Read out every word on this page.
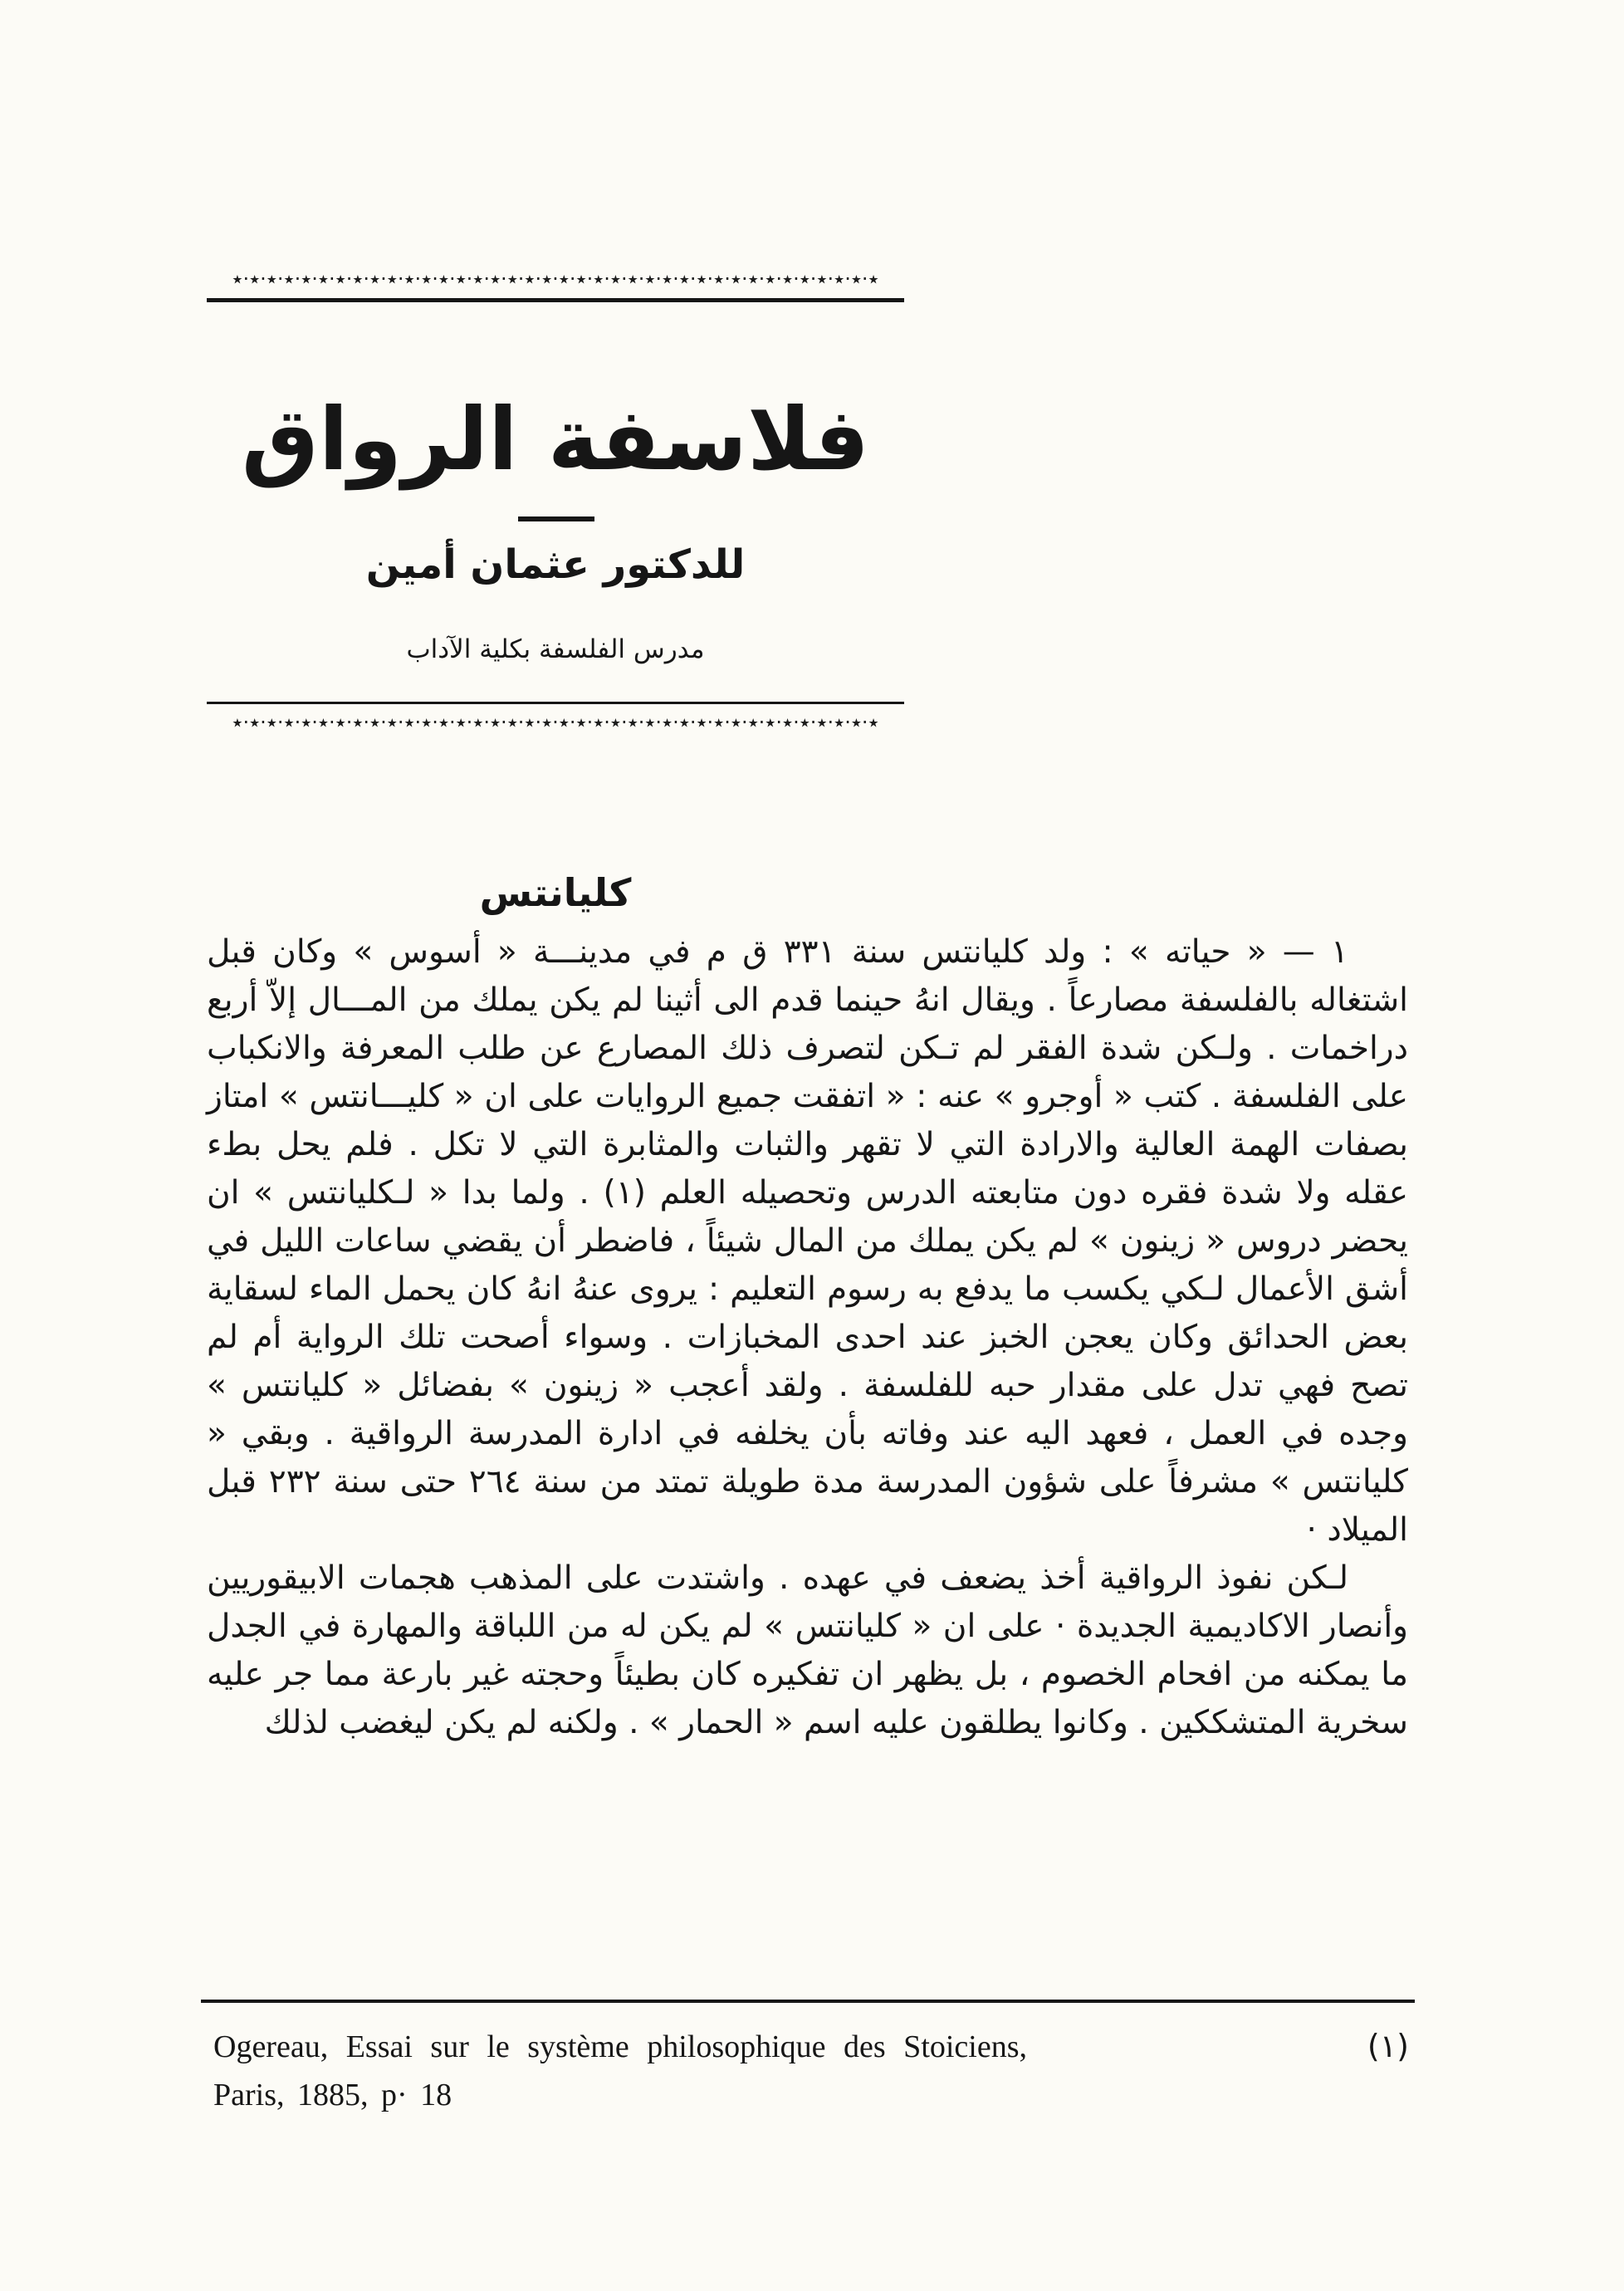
٭·٭·٭·٭·٭·٭·٭·٭·٭·٭·٭·٭·٭·٭·٭·٭·٭·٭·٭·٭·٭·٭·٭·٭·٭·٭·٭·٭·٭·٭·٭·٭·٭·٭·٭·٭·٭·٭
فلاسفة الرواق
للدكتور عثمان أمين
مدرس الفلسفة بكلية الآداب
٭·٭·٭·٭·٭·٭·٭·٭·٭·٭·٭·٭·٭·٭·٭·٭·٭·٭·٭·٭·٭·٭·٭·٭·٭·٭·٭·٭·٭·٭·٭·٭·٭·٭·٭·٭·٭·٭
كليانتس

١ — « حياته » : ولد كليانتس سنة ٣٣١ ق م في مدينـــة « أسوس » وكان قبل اشتغاله بالفلسفة مصارعاً . ويقال انهُ حينما قدم الى أثينا لم يكن يملك من المـــال إلاّ أربع دراخمات . ولـكن شدة الفقر لم تـكن لتصرف ذلك المصارع عن طلب المعرفة والانكباب على الفلسفة . كتب « أوجرو » عنه : « اتفقت جميع الروايات على ان « كليـــانتس » امتاز بصفات الهمة العالية والارادة التي لا تقهر والثبات والمثابرة التي لا تكل . فلم يحل بطء عقله ولا شدة فقره دون متابعته الدرس وتحصيله العلم (١) . ولما بدا « لـكليانتس » ان يحضر دروس « زينون » لم يكن يملك من المال شيئاً ، فاضطر أن يقضي ساعات الليل في أشق الأعمال لـكي يكسب ما يدفع به رسوم التعليم : يروى عنهُ انهُ كان يحمل الماء لسقاية بعض الحدائق وكان يعجن الخبز عند احدى المخبازات . وسواء أصحت تلك الرواية أم لم تصح فهي تدل على مقدار حبه للفلسفة . ولقد أعجب « زينون » بفضائل « كليانتس » وجده في العمل ، فعهد اليه عند وفاته بأن يخلفه في ادارة المدرسة الرواقية . وبقي « كليانتس » مشرفاً على شؤون المدرسة مدة طويلة تمتد من سنة ٢٦٤ حتى سنة ٢٣٢ قبل الميلاد ·

لـكن نفوذ الرواقية أخذ يضعف في عهده . واشتدت على المذهب هجمات الابيقوريين وأنصار الاكاديمية الجديدة · على ان « كليانتس » لم يكن له من اللباقة والمهارة في الجدل ما يمكنه من افحام الخصوم ، بل يظهر ان تفكيره كان بطيئاً وحجته غير بارعة مما جر عليه سخرية المتشككين . وكانوا يطلقون عليه اسم « الحمار » . ولكنه لم يكن ليغضب لذلك

Ogereau, Essai sur le système philosophique des Stoiciens,	(١)
Paris, 1885, p· 18
